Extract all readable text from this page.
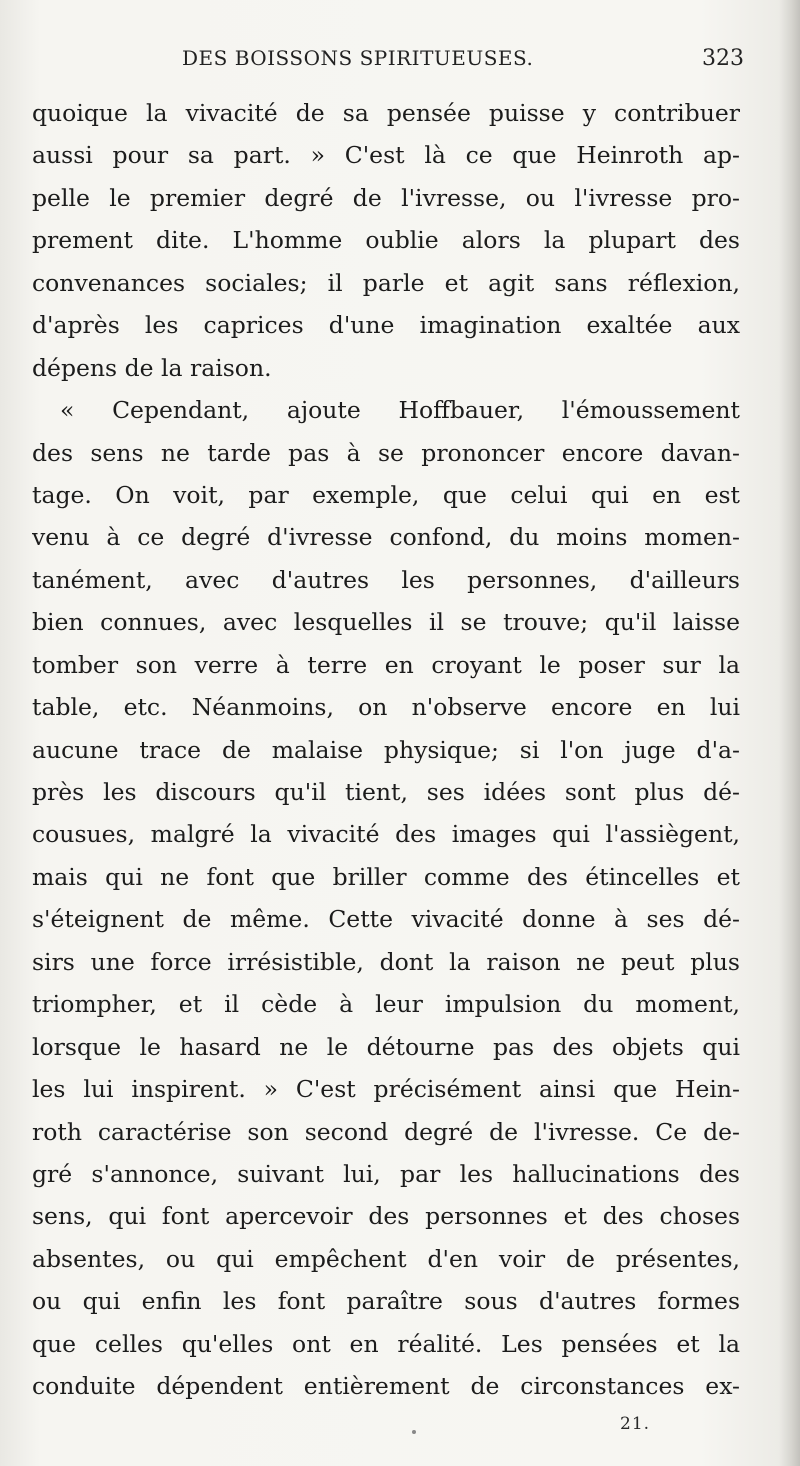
DES BOISSONS SPIRITUEUSES.	323
quoique la vivacité de sa pensée puisse y contribuer
aussi pour sa part. » C'est là ce que Heinroth ap-
pelle le premier degré de l'ivresse, ou l'ivresse pro-
prement dite. L'homme oublie alors la plupart des
convenances sociales; il parle et agit sans réflexion,
d'après les caprices d'une imagination exaltée aux
dépens de la raison.
« Cependant, ajoute Hoffbauer, l'émoussement
des sens ne tarde pas à se prononcer encore davan-
tage. On voit, par exemple, que celui qui en est
venu à ce degré d'ivresse confond, du moins momen-
tanément, avec d'autres les personnes, d'ailleurs
bien connues, avec lesquelles il se trouve; qu'il laisse
tomber son verre à terre en croyant le poser sur la
table, etc. Néanmoins, on n'observe encore en lui
aucune trace de malaise physique; si l'on juge d'a-
près les discours qu'il tient, ses idées sont plus dé-
cousues, malgré la vivacité des images qui l'assiègent,
mais qui ne font que briller comme des étincelles et
s'éteignent de même. Cette vivacité donne à ses dé-
sirs une force irrésistible, dont la raison ne peut plus
triompher, et il cède à leur impulsion du moment,
lorsque le hasard ne le détourne pas des objets qui
les lui inspirent. » C'est précisément ainsi que Hein-
roth caractérise son second degré de l'ivresse. Ce de-
gré s'annonce, suivant lui, par les hallucinations des
sens, qui font apercevoir des personnes et des choses
absentes, ou qui empêchent d'en voir de présentes,
ou qui enfin les font paraître sous d'autres formes
que celles qu'elles ont en réalité. Les pensées et la
conduite dépendent entièrement de circonstances ex-
21.
